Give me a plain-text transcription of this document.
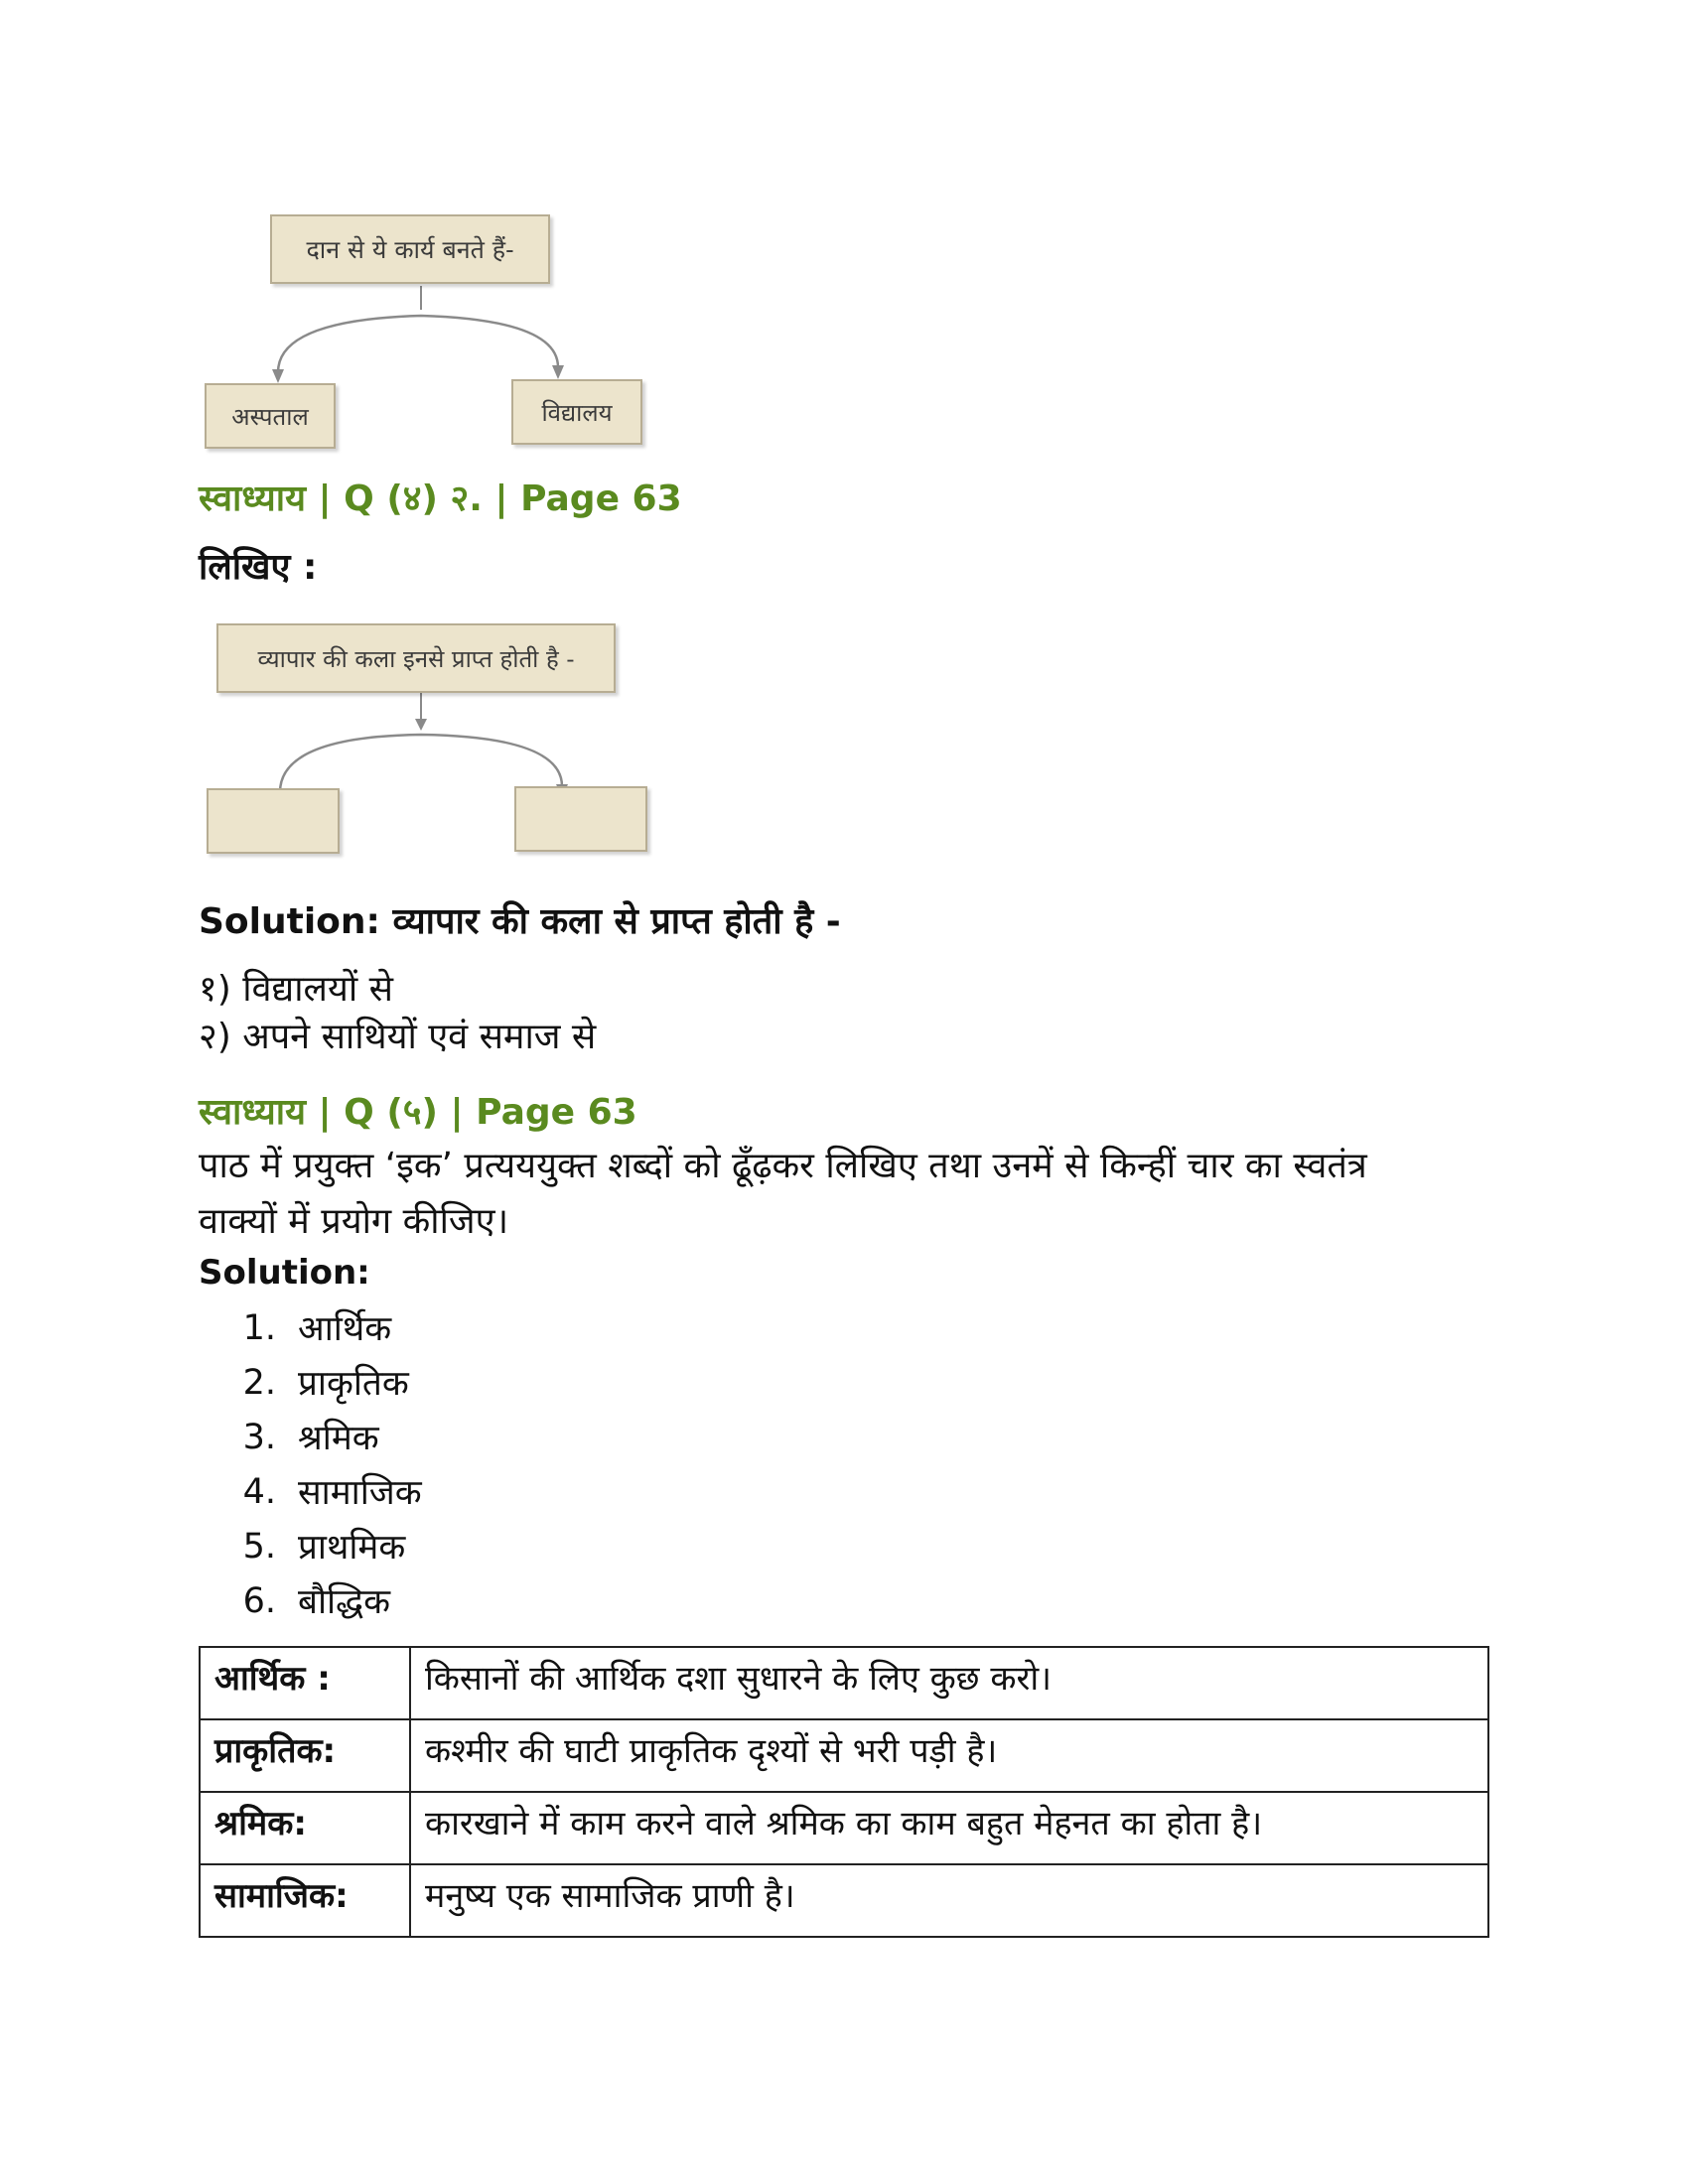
दान से ये कार्य बनते हैं-
अस्पताल	विद्यालय
स्वाध्याय | Q (४) २. | Page 63
लिखिए :
व्यापार की कला इनसे प्राप्त होती है -
Solution: व्यापार की कला से प्राप्त होती है -
१) विद्यालयों से
२) अपने साथियों एवं समाज से
स्वाध्याय | Q (५) | Page 63
पाठ में प्रयुक्त ‘इक’ प्रत्यययुक्त शब्दों को ढूँढ़कर लिखिए तथा उनमें से किन्हीं चार का स्वतंत्र
वाक्यों में प्रयोग कीजिए।
Solution:
1. आर्थिक
2. प्राकृतिक
3. श्रमिक
4. सामाजिक
5. प्राथमिक
6. बौद्धिक
आर्थिक :	किसानों की आर्थिक दशा सुधारने के लिए कुछ करो।
प्राकृतिक:	कश्मीर की घाटी प्राकृतिक दृश्यों से भरी पड़ी है।
श्रमिक:	कारखाने में काम करने वाले श्रमिक का काम बहुत मेहनत का होता है।
सामाजिक:	मनुष्य एक सामाजिक प्राणी है।
